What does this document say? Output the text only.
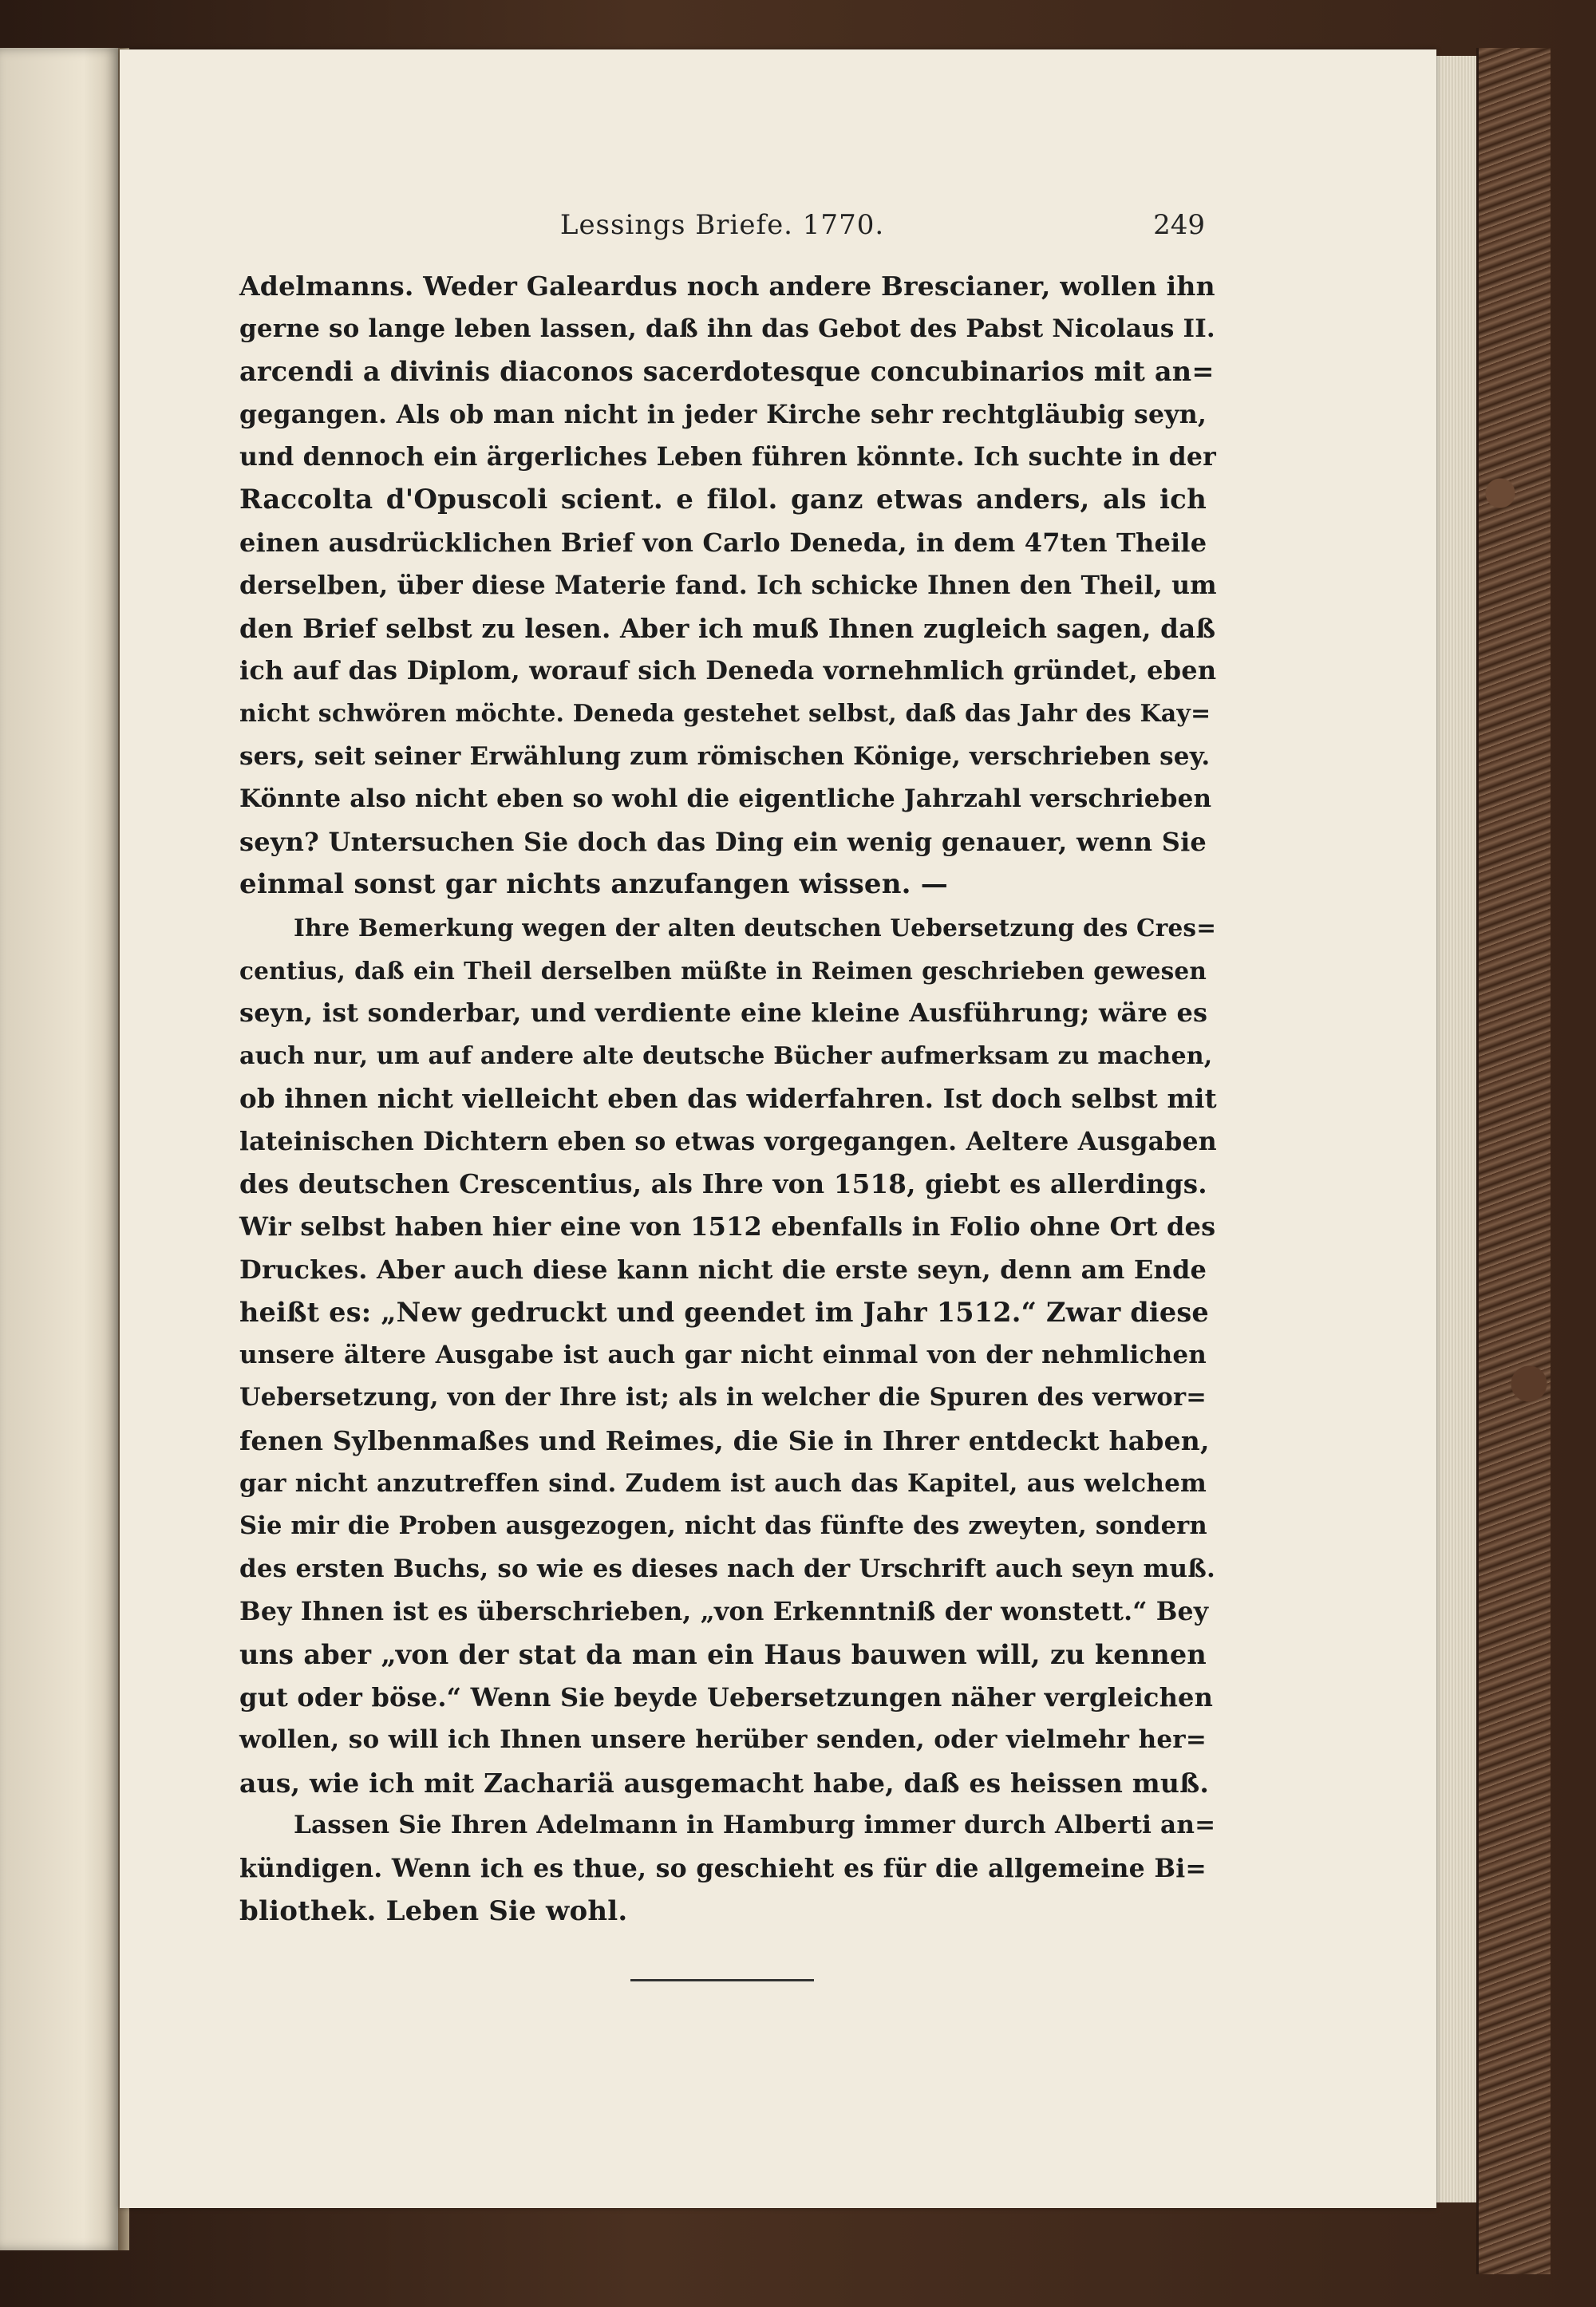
Lessings Briefe. 1770.	249
Adelmanns. Weder Galeardus noch andere Brescianer, wollen ihn
gerne so lange leben lassen, daß ihn das Gebot des Pabst Nicolaus II.
arcendi a divinis diaconos sacerdotesque concubinarios mit an=
gegangen. Als ob man nicht in jeder Kirche sehr rechtgläubig seyn,
und dennoch ein ärgerliches Leben führen könnte. Ich suchte in der
Raccolta d'Opuscoli scient. e filol. ganz etwas anders, als ich
einen ausdrücklichen Brief von Carlo Deneda, in dem 47ten Theile
derselben, über diese Materie fand. Ich schicke Ihnen den Theil, um
den Brief selbst zu lesen. Aber ich muß Ihnen zugleich sagen, daß
ich auf das Diplom, worauf sich Deneda vornehmlich gründet, eben
nicht schwören möchte. Deneda gestehet selbst, daß das Jahr des Kay=
sers, seit seiner Erwählung zum römischen Könige, verschrieben sey.
Könnte also nicht eben so wohl die eigentliche Jahrzahl verschrieben
seyn? Untersuchen Sie doch das Ding ein wenig genauer, wenn Sie
einmal sonst gar nichts anzufangen wissen. —
Ihre Bemerkung wegen der alten deutschen Uebersetzung des Cres=
centius, daß ein Theil derselben müßte in Reimen geschrieben gewesen
seyn, ist sonderbar, und verdiente eine kleine Ausführung; wäre es
auch nur, um auf andere alte deutsche Bücher aufmerksam zu machen,
ob ihnen nicht vielleicht eben das widerfahren. Ist doch selbst mit
lateinischen Dichtern eben so etwas vorgegangen. Aeltere Ausgaben
des deutschen Crescentius, als Ihre von 1518, giebt es allerdings.
Wir selbst haben hier eine von 1512 ebenfalls in Folio ohne Ort des
Druckes. Aber auch diese kann nicht die erste seyn, denn am Ende
heißt es: „New gedruckt und geendet im Jahr 1512.“ Zwar diese
unsere ältere Ausgabe ist auch gar nicht einmal von der nehmlichen
Uebersetzung, von der Ihre ist; als in welcher die Spuren des verwor=
fenen Sylbenmaßes und Reimes, die Sie in Ihrer entdeckt haben,
gar nicht anzutreffen sind. Zudem ist auch das Kapitel, aus welchem
Sie mir die Proben ausgezogen, nicht das fünfte des zweyten, sondern
des ersten Buchs, so wie es dieses nach der Urschrift auch seyn muß.
Bey Ihnen ist es überschrieben, „von Erkenntniß der wonstett.“ Bey
uns aber „von der stat da man ein Haus bauwen will, zu kennen
gut oder böse.“ Wenn Sie beyde Uebersetzungen näher vergleichen
wollen, so will ich Ihnen unsere herüber senden, oder vielmehr her=
aus, wie ich mit Zachariä ausgemacht habe, daß es heissen muß.
Lassen Sie Ihren Adelmann in Hamburg immer durch Alberti an=
kündigen. Wenn ich es thue, so geschieht es für die allgemeine Bi=
bliothek. Leben Sie wohl.
